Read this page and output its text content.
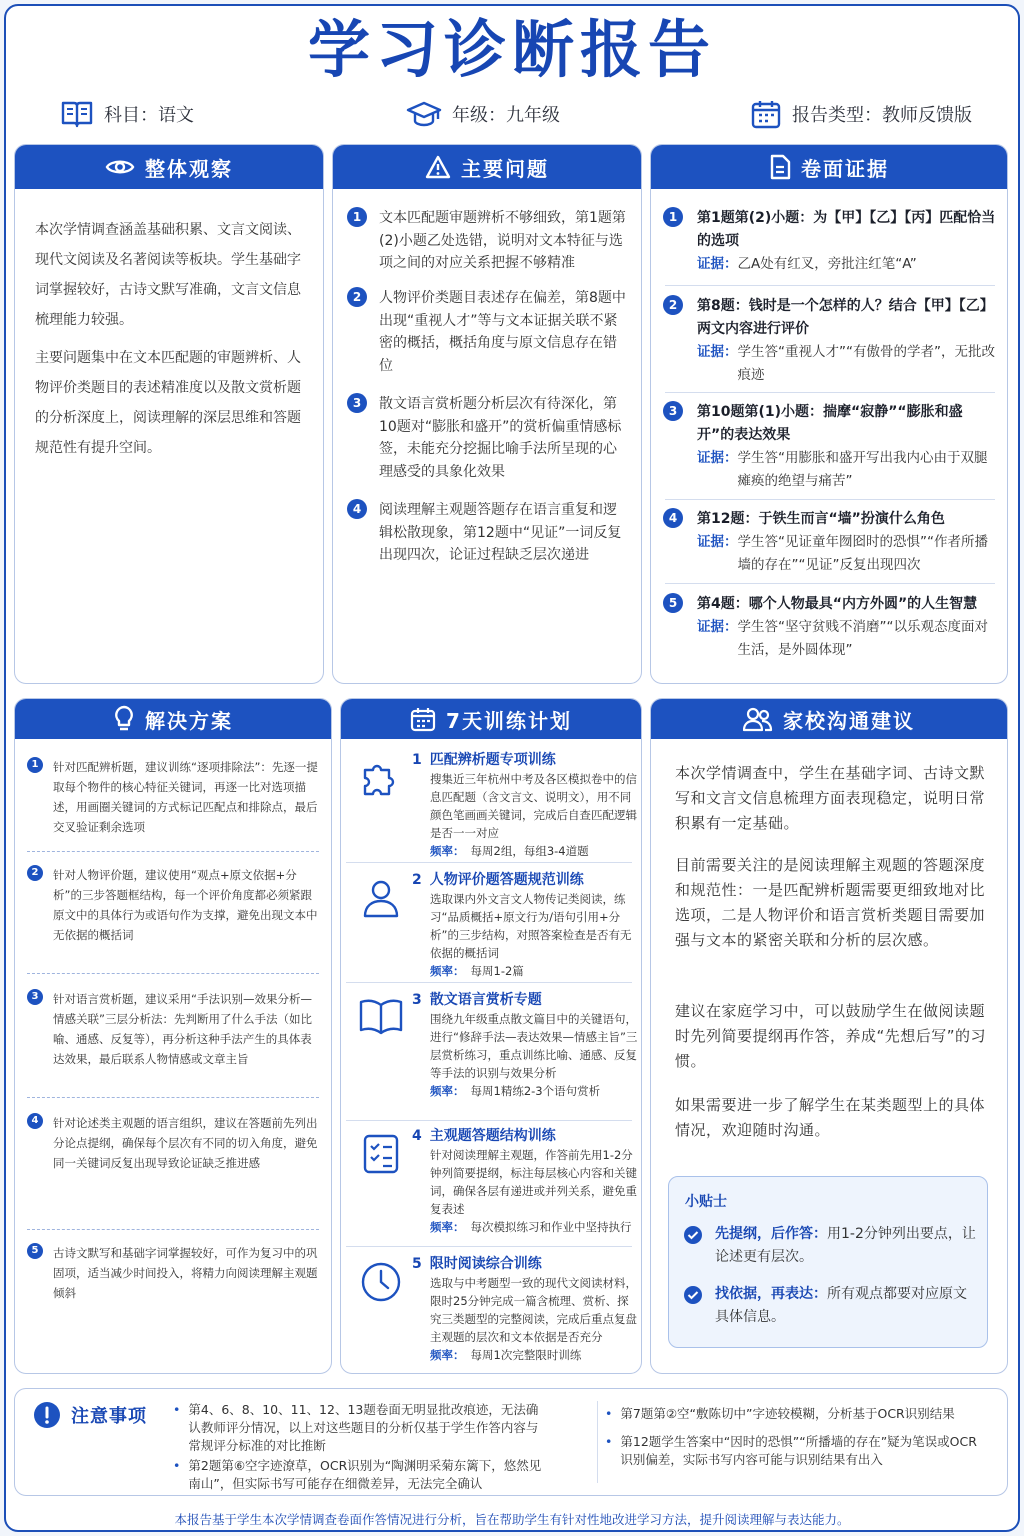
学习诊断报告
科目：语文	年级：九年级	报告类型：教师反馈版
整体观察

本次学情调查涵盖基础积累、文言文阅读、现代文阅读及名著阅读等板块。学生基础字词掌握较好，古诗文默写准确，文言文信息梳理能力较强。

主要问题集中在文本匹配题的审题辨析、人物评价类题目的表述精准度以及散文赏析题的分析深度上，阅读理解的深层思维和答题规范性有提升空间。

主要问题
1	文本匹配题审题辨析不够细致，第1题第(2)小题乙处选错，说明对文本特征与选项之间的对应关系把握不够精准
2	人物评价类题目表述存在偏差，第8题中出现“重视人才”等与文本证据关联不紧密的概括，概括角度与原文信息存在错位
3	散文语言赏析题分析层次有待深化，第10题对“膨胀和盛开”的赏析偏重情感标签，未能充分挖掘比喻手法所呈现的心理感受的具象化效果
4	阅读理解主观题答题存在语言重复和逻辑松散现象，第12题中“见证”一词反复出现四次，论证过程缺乏层次递进
卷面证据
1	第1题第(2)小题：为【甲】【乙】【丙】匹配恰当的选项
证据： 乙A处有红叉，旁批注红笔“A”
2	第8题：钱时是一个怎样的人？结合【甲】【乙】两文内容进行评价
证据： 学生答“重视人才”“有傲骨的学者”，无批改痕迹
3	第10题第(1)小题：揣摩“寂静”“膨胀和盛开”的表达效果
证据： 学生答“用膨胀和盛开写出我内心由于双腿瘫痪的绝望与痛苦”
4	第12题：于铁生而言“墙”扮演什么角色
证据： 学生答“见证童年囫囵时的恐惧”“作者所播墙的存在”“见证”反复出现四次
5	第4题：哪个人物最具“内方外圆”的人生智慧
证据： 学生答“坚守贫贱不消磨”“以乐观态度面对生活，是外圆体现”
解决方案
1	针对匹配辨析题，建议训练“逐项排除法”：先逐一提取每个物件的核心特征关键词，再逐一比对选项描述，用画圈关键词的方式标记匹配点和排除点，最后交叉验证剩余选项
2	针对人物评价题，建议使用“观点+原文依据+分析”的三步答题框结构，每一个评价角度都必须紧跟原文中的具体行为或语句作为支撑，避免出现文本中无依据的概括词
3	针对语言赏析题，建议采用“手法识别—效果分析—情感关联”三层分析法：先判断用了什么手法（如比喻、通感、反复等），再分析这种手法产生的具体表达效果，最后联系人物情感或文章主旨
4	针对论述类主观题的语言组织，建议在答题前先列出分论点提纲，确保每个层次有不同的切入角度，避免同一关键词反复出现导致论证缺乏推进感
5	古诗文默写和基础字词掌握较好，可作为复习中的巩固项，适当减少时间投入，将精力向阅读理解主观题倾斜
7天训练计划
1 匹配辨析题专项训练
搜集近三年杭州中考及各区模拟卷中的信息匹配题（含文言文、说明文），用不同颜色笔画画关键词，完成后自查匹配逻辑是否一一对应
频率： 每周2组，每组3-4道题
2 人物评价题答题规范训练
选取课内外文言文人物传记类阅读，练习“品质概括+原文行为/语句引用+分析”的三步结构，对照答案检查是否有无依据的概括词
频率： 每周1-2篇
3 散文语言赏析专题
围绕九年级重点散文篇目中的关键语句，进行“修辞手法—表达效果—情感主旨”三层赏析练习，重点训练比喻、通感、反复等手法的识别与效果分析
频率： 每周1精练2-3个语句赏析
4 主观题答题结构训练
针对阅读理解主观题，作答前先用1-2分钟列简要提纲，标注每层核心内容和关键词，确保各层有递进或并列关系，避免重复表述
频率： 每次模拟练习和作业中坚持执行
5 限时阅读综合训练
选取与中考题型一致的现代文阅读材料，限时25分钟完成一篇含梳理、赏析、探究三类题型的完整阅读，完成后重点复盘主观题的层次和文本依据是否充分
频率： 每周1次完整限时训练
家校沟通建议

本次学情调查中，学生在基础字词、古诗文默写和文言文信息梳理方面表现稳定，说明日常积累有一定基础。

目前需要关注的是阅读理解主观题的答题深度和规范性：一是匹配辨析题需要更细致地对比选项，二是人物评价和语言赏析类题目需要加强与文本的紧密关联和分析的层次感。

建议在家庭学习中，可以鼓励学生在做阅读题时先列简要提纲再作答，养成“先想后写”的习惯。

如果需要进一步了解学生在某类题型上的具体情况，欢迎随时沟通。

小贴士
先提纲，后作答：用1-2分钟列出要点，让论述更有层次。
找依据，再表达：所有观点都要对应原文具体信息。
注意事项 • 第4、6、8、10、11、12、13题卷面无明显批改痕迹，无法确认教师评分情况，以上对这些题目的分析仅基于学生作答内容与常规评分标准的对比推断
• 第2题第⑥空字迹潦草，OCR识别为“陶渊明采菊东篱下，悠然见南山”，但实际书写可能存在细微差异，无法完全确认
• 第7题第②空“敷陈切中”字迹较模糊，分析基于OCR识别结果
• 第12题学生答案中“因时的恐惧”“所播墙的存在”疑为笔误或OCR识别偏差，实际书写内容可能与识别结果有出入
本报告基于学生本次学情调查卷面作答情况进行分析，旨在帮助学生有针对性地改进学习方法，提升阅读理解与表达能力。
